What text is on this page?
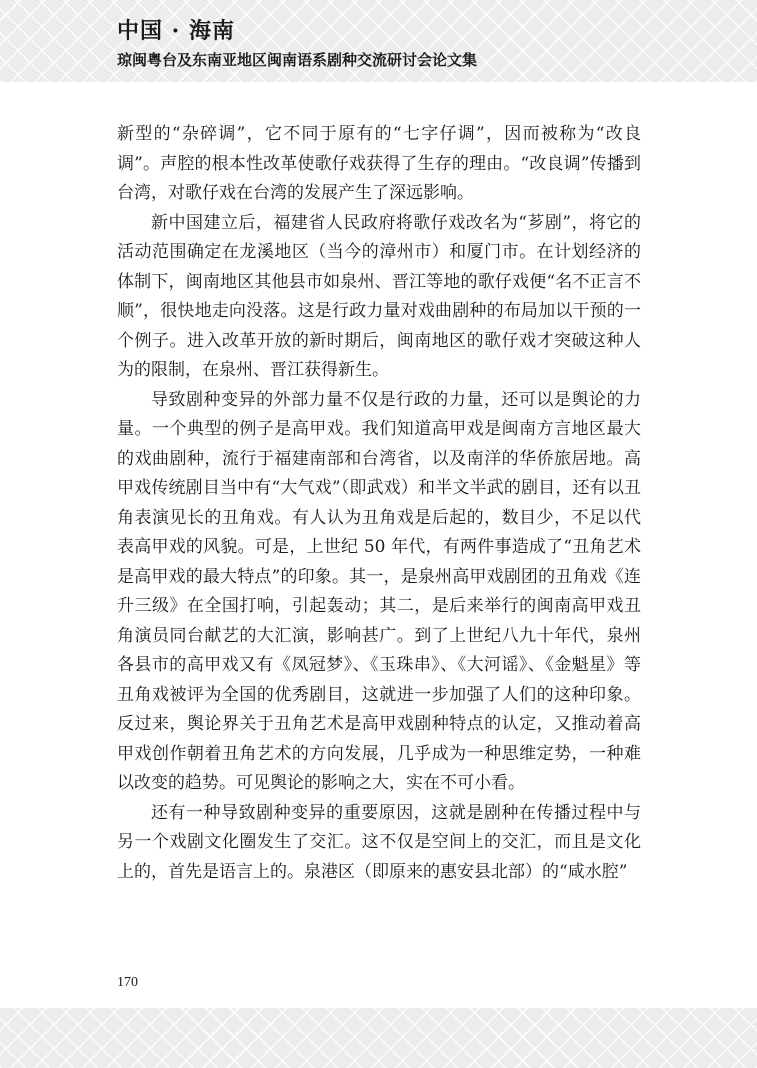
中国 · 海南
琼闽粤台及东南亚地区闽南语系剧种交流研讨会论文集

新型的“杂碎调”，它不同于原有的“七字仔调”，因而被称为“改良调”。声腔的根本性改革使歌仔戏获得了生存的理由。“改良调”传播到台湾，对歌仔戏在台湾的发展产生了深远影响。

新中国建立后，福建省人民政府将歌仔戏改名为“芗剧”，将它的活动范围确定在龙溪地区（当今的漳州市）和厦门市。在计划经济的体制下，闽南地区其他县市如泉州、晋江等地的歌仔戏便“名不正言不顺”，很快地走向没落。这是行政力量对戏曲剧种的布局加以干预的一个例子。进入改革开放的新时期后，闽南地区的歌仔戏才突破这种人为的限制，在泉州、晋江获得新生。

导致剧种变异的外部力量不仅是行政的力量，还可以是舆论的力量。一个典型的例子是高甲戏。我们知道高甲戏是闽南方言地区最大的戏曲剧种，流行于福建南部和台湾省，以及南洋的华侨旅居地。高甲戏传统剧目当中有“大气戏”（即武戏）和半文半武的剧目，还有以丑角表演见长的丑角戏。有人认为丑角戏是后起的，数目少，不足以代表高甲戏的风貌。可是，上世纪 50 年代，有两件事造成了“丑角艺术是高甲戏的最大特点”的印象。其一，是泉州高甲戏剧团的丑角戏《连升三级》在全国打响，引起轰动；其二，是后来举行的闽南高甲戏丑角演员同台献艺的大汇演，影响甚广。到了上世纪八九十年代，泉州各县市的高甲戏又有《凤冠梦》、《玉珠串》、《大河谣》、《金魁星》等丑角戏被评为全国的优秀剧目，这就进一步加强了人们的这种印象。反过来，舆论界关于丑角艺术是高甲戏剧种特点的认定，又推动着高甲戏创作朝着丑角艺术的方向发展，几乎成为一种思维定势，一种难以改变的趋势。可见舆论的影响之大，实在不可小看。

还有一种导致剧种变异的重要原因，这就是剧种在传播过程中与另一个戏剧文化圈发生了交汇。这不仅是空间上的交汇，而且是文化上的，首先是语言上的。泉港区（即原来的惠安县北部）的“咸水腔”

170
